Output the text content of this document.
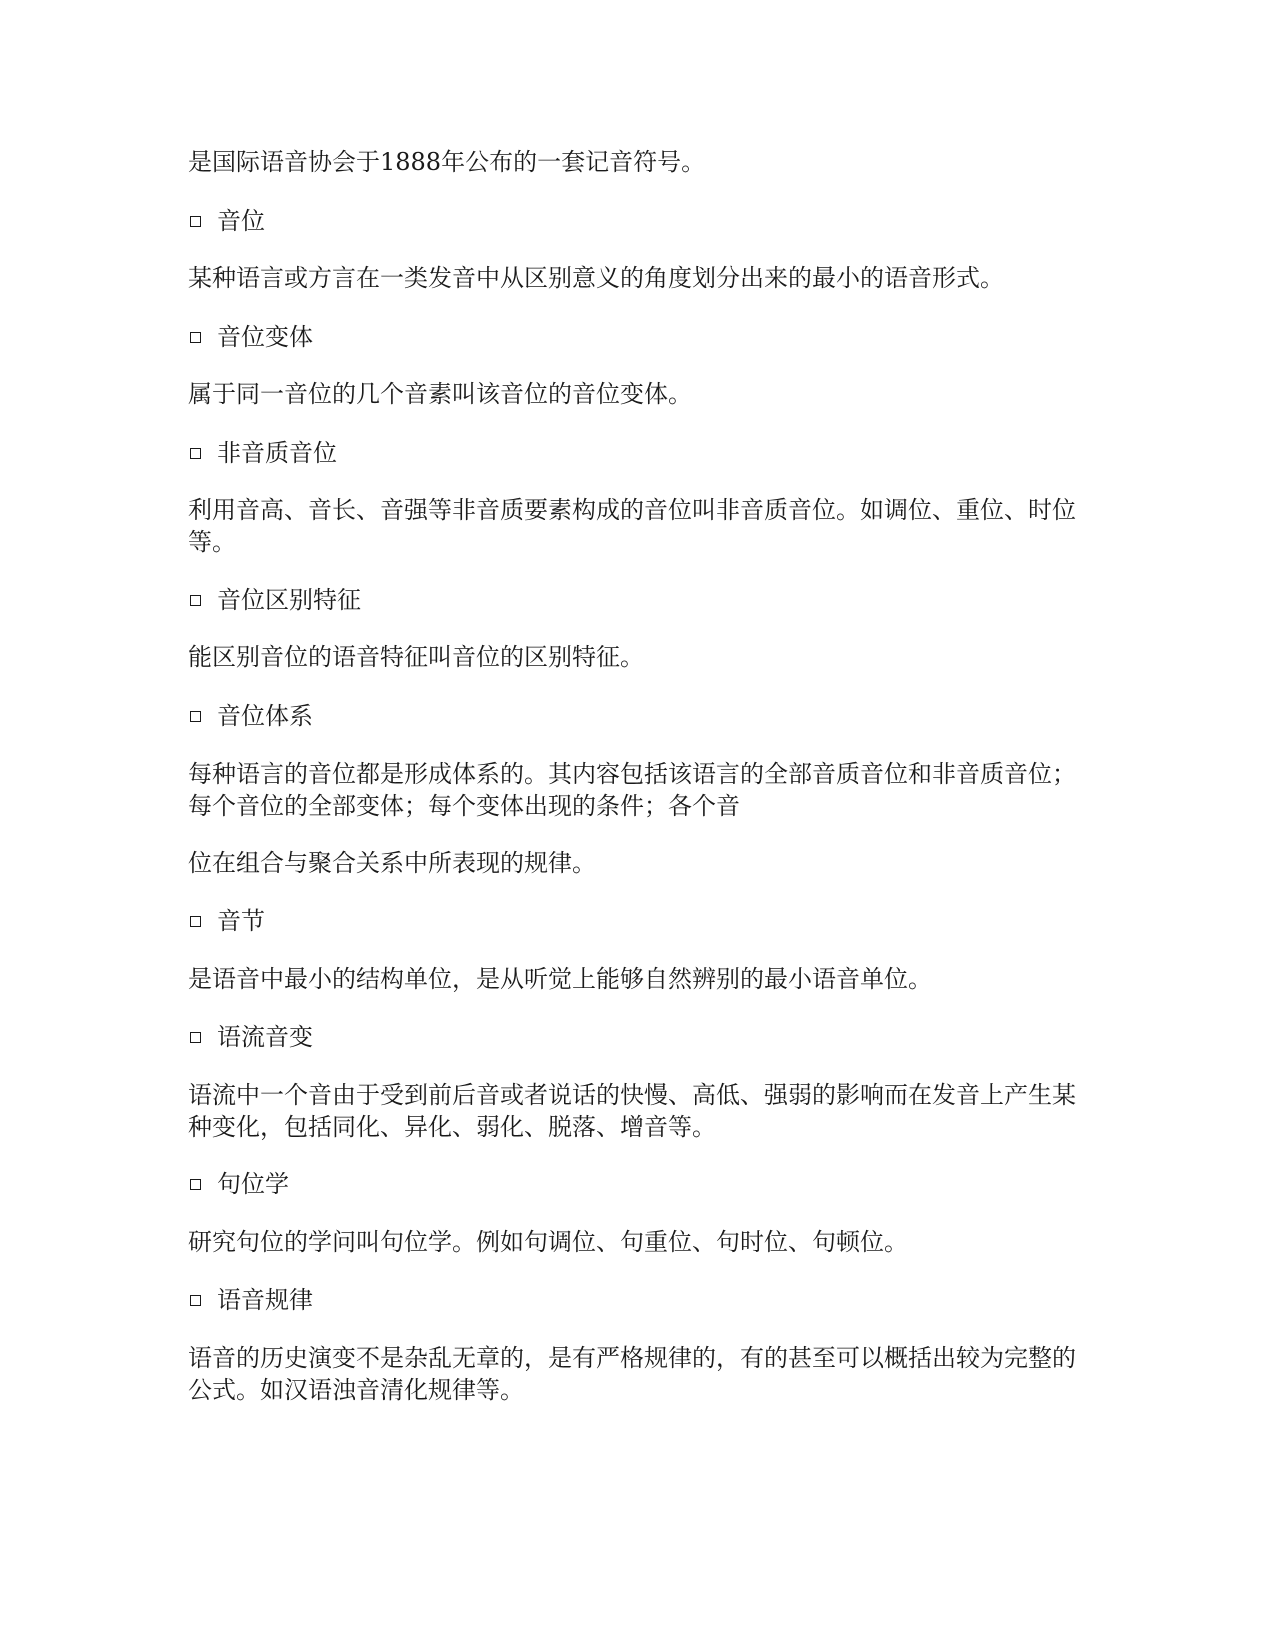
是国际语音协会于1888年公布的一套记音符号。
音位
某种语言或方言在一类发音中从区别意义的角度划分出来的最小的语音形式。
音位变体
属于同一音位的几个音素叫该音位的音位变体。
非音质音位
利用音高、音长、音强等非音质要素构成的音位叫非音质音位。如调位、重位、时位等。
音位区别特征
能区别音位的语音特征叫音位的区别特征。
音位体系
每种语言的音位都是形成体系的。其内容包括该语言的全部音质音位和非音质音位；每个音位的全部变体；每个变体出现的条件；各个音
位在组合与聚合关系中所表现的规律。
音节
是语音中最小的结构单位，是从听觉上能够自然辨别的最小语音单位。
语流音变
语流中一个音由于受到前后音或者说话的快慢、高低、强弱的影响而在发音上产生某种变化，包括同化、异化、弱化、脱落、增音等。
句位学
研究句位的学问叫句位学。例如句调位、句重位、句时位、句顿位。
语音规律
语音的历史演变不是杂乱无章的，是有严格规律的，有的甚至可以概括出较为完整的公式。如汉语浊音清化规律等。
